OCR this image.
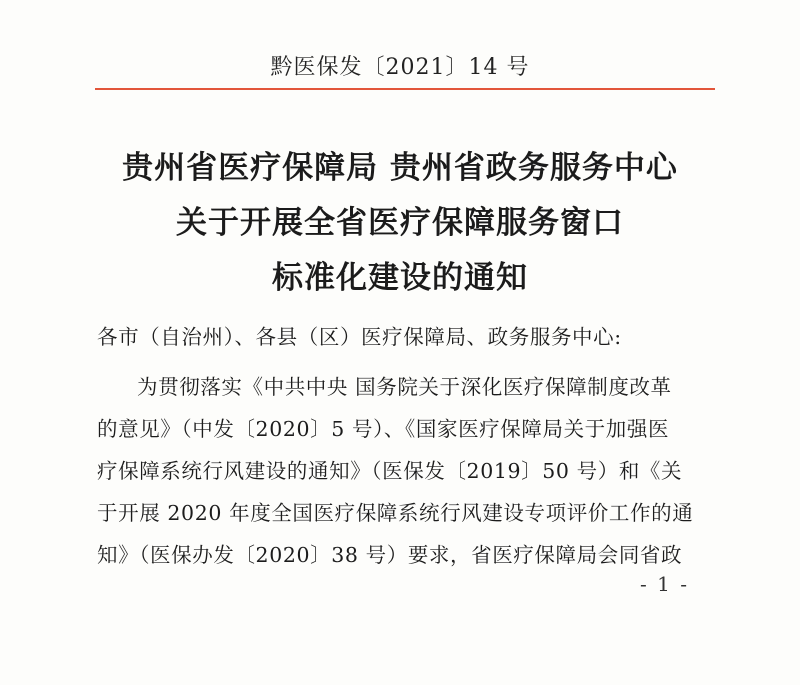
黔医保发〔2021〕14 号
贵州省医疗保障局 贵州省政务服务中心
关于开展全省医疗保障服务窗口
标准化建设的通知
各市（自治州）、各县（区）医疗保障局、政务服务中心:
为贯彻落实《中共中央 国务院关于深化医疗保障制度改革
的意见》（中发〔2020〕5 号）、《国家医疗保障局关于加强医
疗保障系统行风建设的通知》（医保发〔2019〕50 号）和《关
于开展 2020 年度全国医疗保障系统行风建设专项评价工作的通
知》（医保办发〔2020〕38 号）要求，省医疗保障局会同省政
- 1 -
